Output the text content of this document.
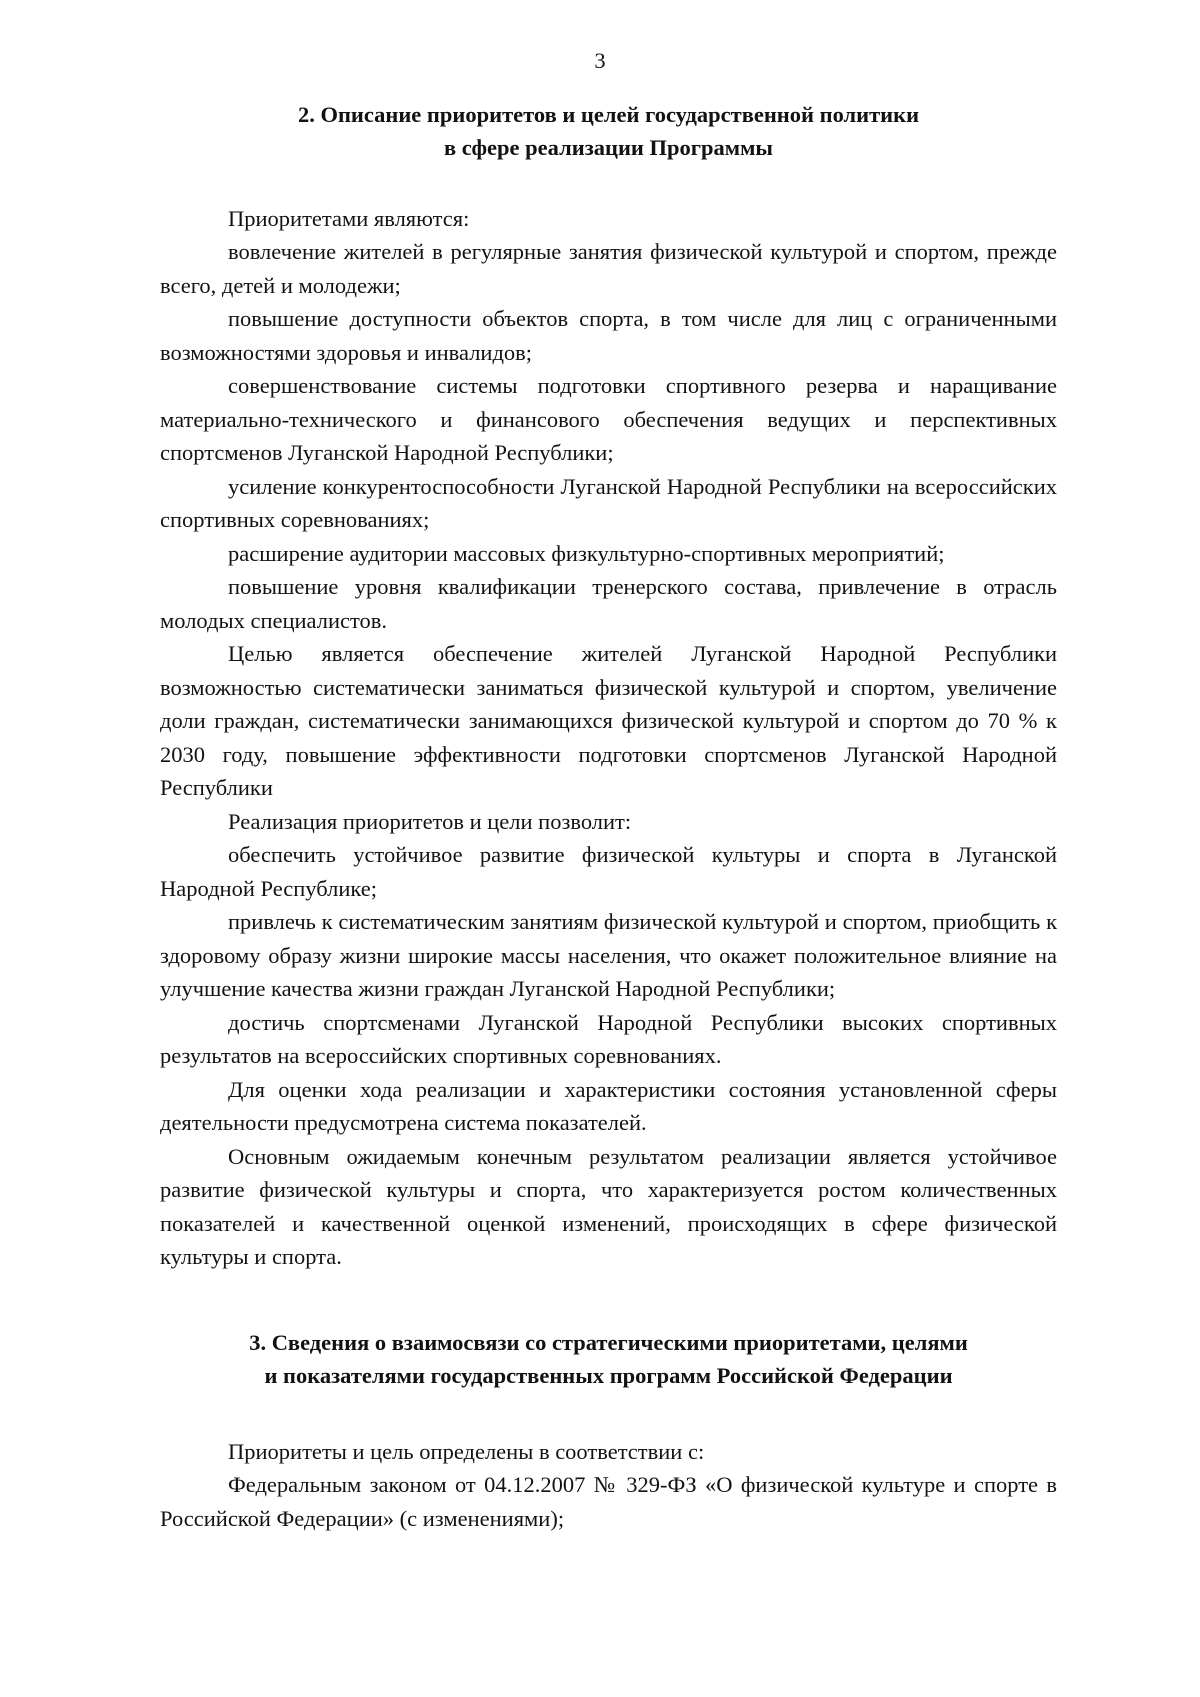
3
2. Описание приоритетов и целей государственной политики
в сфере реализации Программы

Приоритетами являются:

вовлечение жителей в регулярные занятия физической культурой и спортом, прежде всего, детей и молодежи;

повышение доступности объектов спорта, в том числе для лиц с ограниченными возможностями здоровья и инвалидов;

совершенствование системы подготовки спортивного резерва и наращивание материально-технического и финансового обеспечения ведущих и перспективных спортсменов Луганской Народной Республики;

усиление конкурентоспособности Луганской Народной Республики на всероссийских спортивных соревнованиях;

расширение аудитории массовых физкультурно-спортивных мероприятий;

повышение уровня квалификации тренерского состава, привлечение в отрасль молодых специалистов.

Целью является обеспечение жителей Луганской Народной Республики возможностью систематически заниматься физической культурой и спортом, увеличение доли граждан, систематически занимающихся физической культурой и спортом до 70 % к 2030 году, повышение эффективности подготовки спортсменов Луганской Народной Республики

Реализация приоритетов и цели позволит:

обеспечить устойчивое развитие физической культуры и спорта в Луганской Народной Республике;

привлечь к систематическим занятиям физической культурой и спортом, приобщить к здоровому образу жизни широкие массы населения, что окажет положительное влияние на улучшение качества жизни граждан Луганской Народной Республики;

достичь спортсменами Луганской Народной Республики высоких спортивных результатов на всероссийских спортивных соревнованиях.

Для оценки хода реализации и характеристики состояния установленной сферы деятельности предусмотрена система показателей.

Основным ожидаемым конечным результатом реализации является устойчивое развитие физической культуры и спорта, что характеризуется ростом количественных показателей и качественной оценкой изменений, происходящих в сфере физической культуры и спорта.

3. Сведения о взаимосвязи со стратегическими приоритетами, целями
и показателями государственных программ Российской Федерации

Приоритеты и цель определены в соответствии с:

Федеральным законом от 04.12.2007 № 329-ФЗ «О физической культуре и спорте в Российской Федерации» (с изменениями);
